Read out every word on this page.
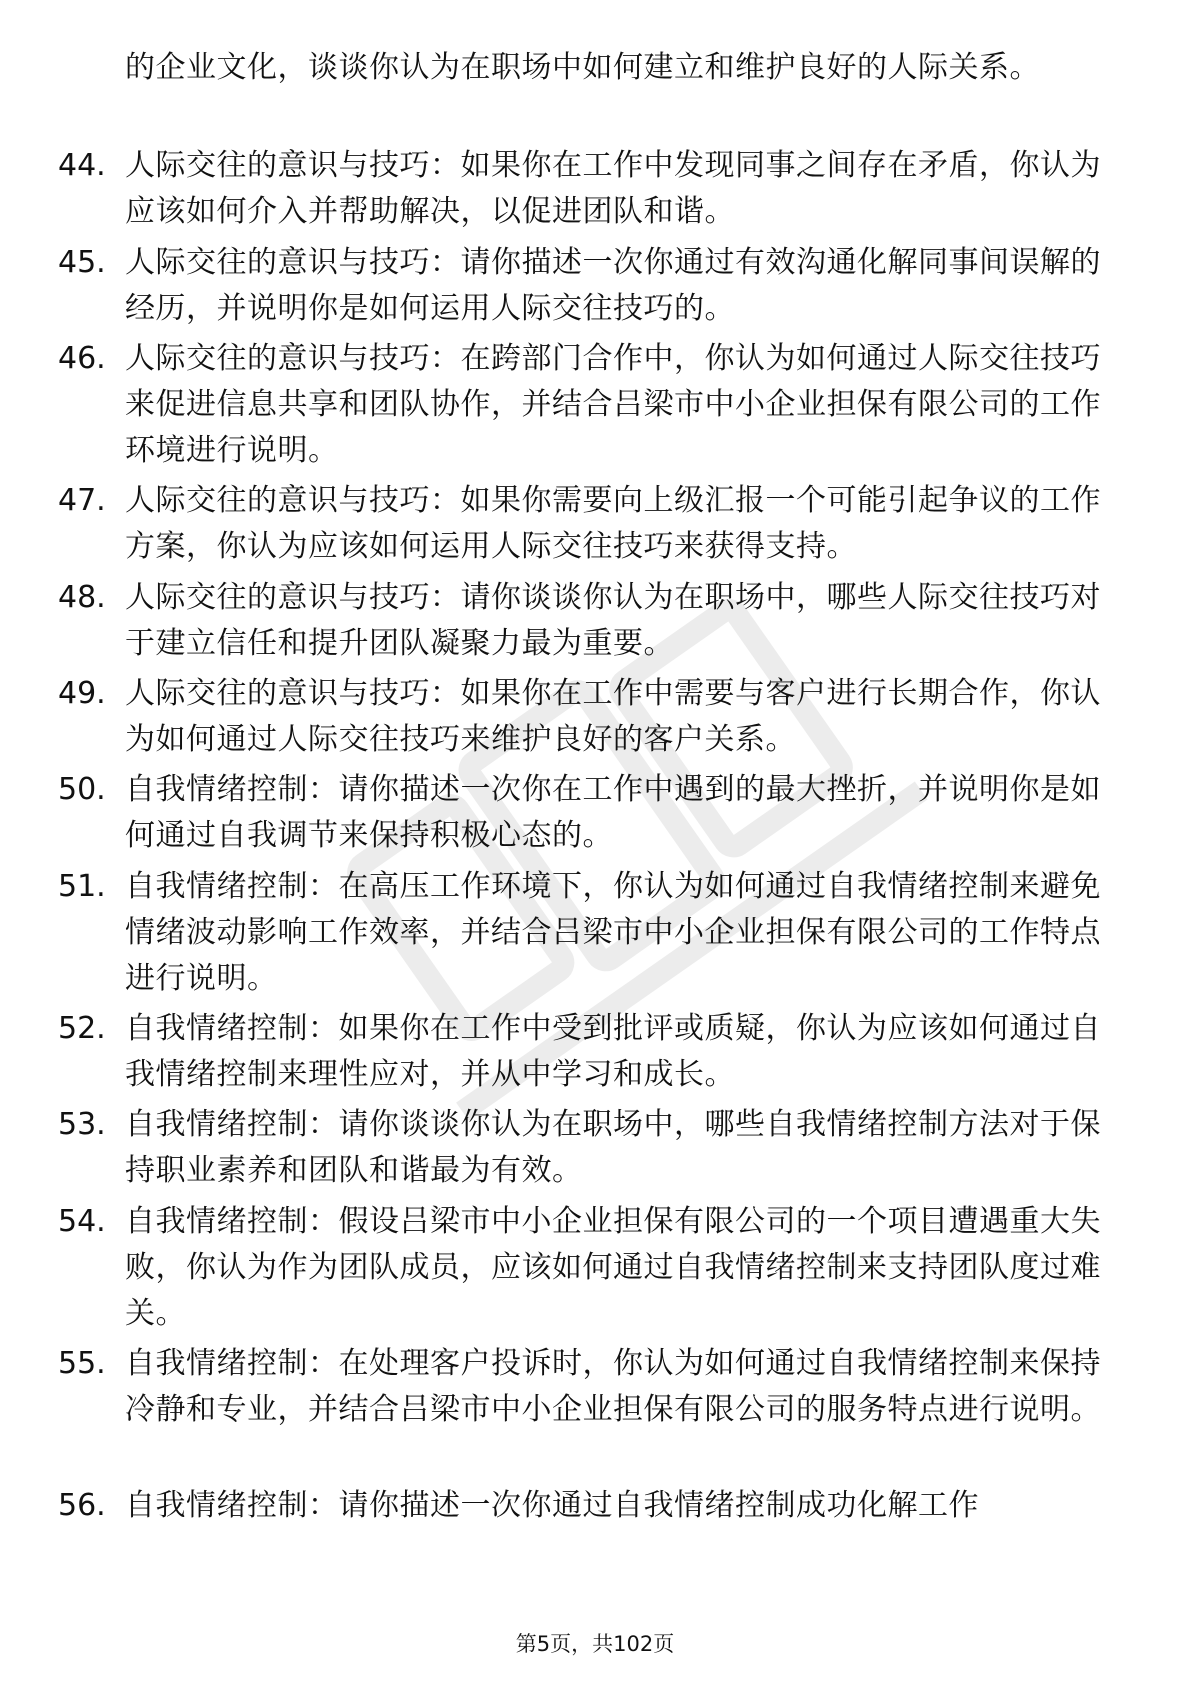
的企业文化，谈谈你认为在职场中如何建立和维护良好的人际关系。
44. 人际交往的意识与技巧：如果你在工作中发现同事之间存在矛盾，你认为应该如何介入并帮助解决，以促进团队和谐。
45. 人际交往的意识与技巧：请你描述一次你通过有效沟通化解同事间误解的经历，并说明你是如何运用人际交往技巧的。
46. 人际交往的意识与技巧：在跨部门合作中，你认为如何通过人际交往技巧来促进信息共享和团队协作，并结合吕梁市中小企业担保有限公司的工作环境进行说明。
47. 人际交往的意识与技巧：如果你需要向上级汇报一个可能引起争议的工作方案，你认为应该如何运用人际交往技巧来获得支持。
48. 人际交往的意识与技巧：请你谈谈你认为在职场中，哪些人际交往技巧对于建立信任和提升团队凝聚力最为重要。
49. 人际交往的意识与技巧：如果你在工作中需要与客户进行长期合作，你认为如何通过人际交往技巧来维护良好的客户关系。
50. 自我情绪控制：请你描述一次你在工作中遇到的最大挫折，并说明你是如何通过自我调节来保持积极心态的。
51. 自我情绪控制：在高压工作环境下，你认为如何通过自我情绪控制来避免情绪波动影响工作效率，并结合吕梁市中小企业担保有限公司的工作特点进行说明。
52. 自我情绪控制：如果你在工作中受到批评或质疑，你认为应该如何通过自我情绪控制来理性应对，并从中学习和成长。
53. 自我情绪控制：请你谈谈你认为在职场中，哪些自我情绪控制方法对于保持职业素养和团队和谐最为有效。
54. 自我情绪控制：假设吕梁市中小企业担保有限公司的一个项目遭遇重大失败，你认为作为团队成员，应该如何通过自我情绪控制来支持团队度过难关。
55. 自我情绪控制：在处理客户投诉时，你认为如何通过自我情绪控制来保持冷静和专业，并结合吕梁市中小企业担保有限公司的服务特点进行说明。
56. 自我情绪控制：请你描述一次你通过自我情绪控制成功化解工作
第5页，共102页
